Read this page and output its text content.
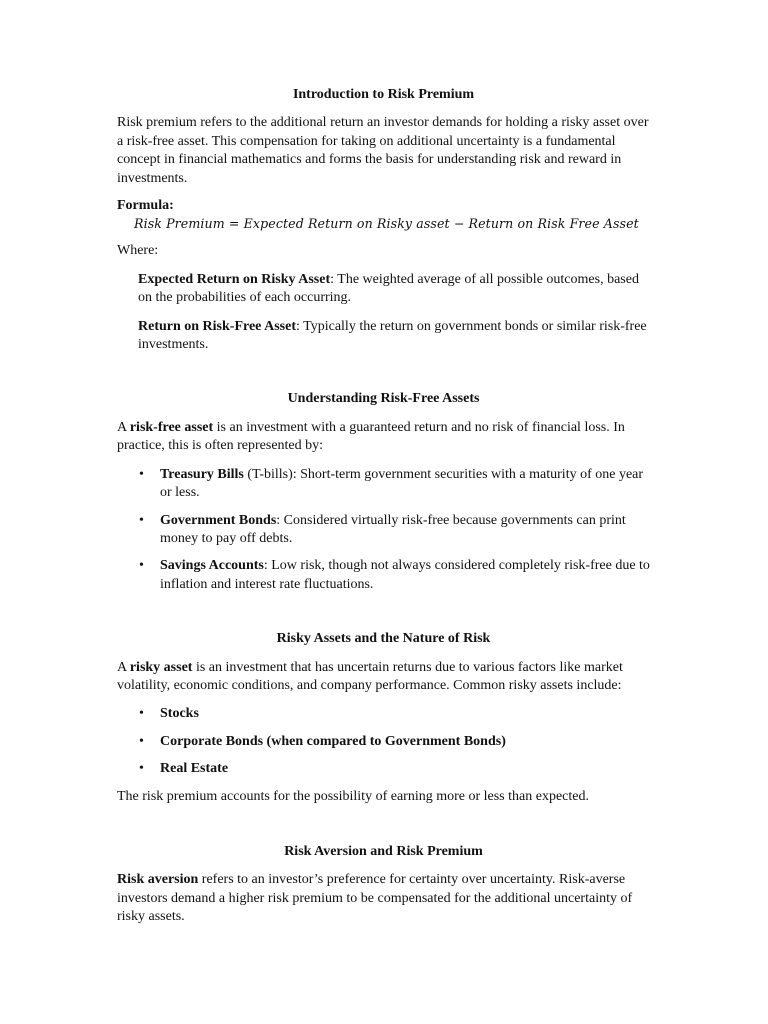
Introduction to Risk Premium

Risk premium refers to the additional return an investor demands for holding a risky asset over a risk-free asset. This compensation for taking on additional uncertainty is a fundamental concept in financial mathematics and forms the basis for understanding risk and reward in investments.

Formula:

Risk Premium = Expected Return on Risky asset − Return on Risk Free Asset

Where:

Expected Return on Risky Asset: The weighted average of all possible outcomes, based on the probabilities of each occurring.

Return on Risk-Free Asset: Typically the return on government bonds or similar risk-free investments.

Understanding Risk-Free Assets

A risk-free asset is an investment with a guaranteed return and no risk of financial loss. In practice, this is often represented by:

• Treasury Bills (T-bills): Short-term government securities with a maturity of one year or less.
• Government Bonds: Considered virtually risk-free because governments can print money to pay off debts.
• Savings Accounts: Low risk, though not always considered completely risk-free due to inflation and interest rate fluctuations.
Risky Assets and the Nature of Risk

A risky asset is an investment that has uncertain returns due to various factors like market volatility, economic conditions, and company performance. Common risky assets include:

• Stocks
• Corporate Bonds (when compared to Government Bonds)
• Real Estate

The risk premium accounts for the possibility of earning more or less than expected.

Risk Aversion and Risk Premium

Risk aversion refers to an investor’s preference for certainty over uncertainty. Risk-averse investors demand a higher risk premium to be compensated for the additional uncertainty of risky assets.
